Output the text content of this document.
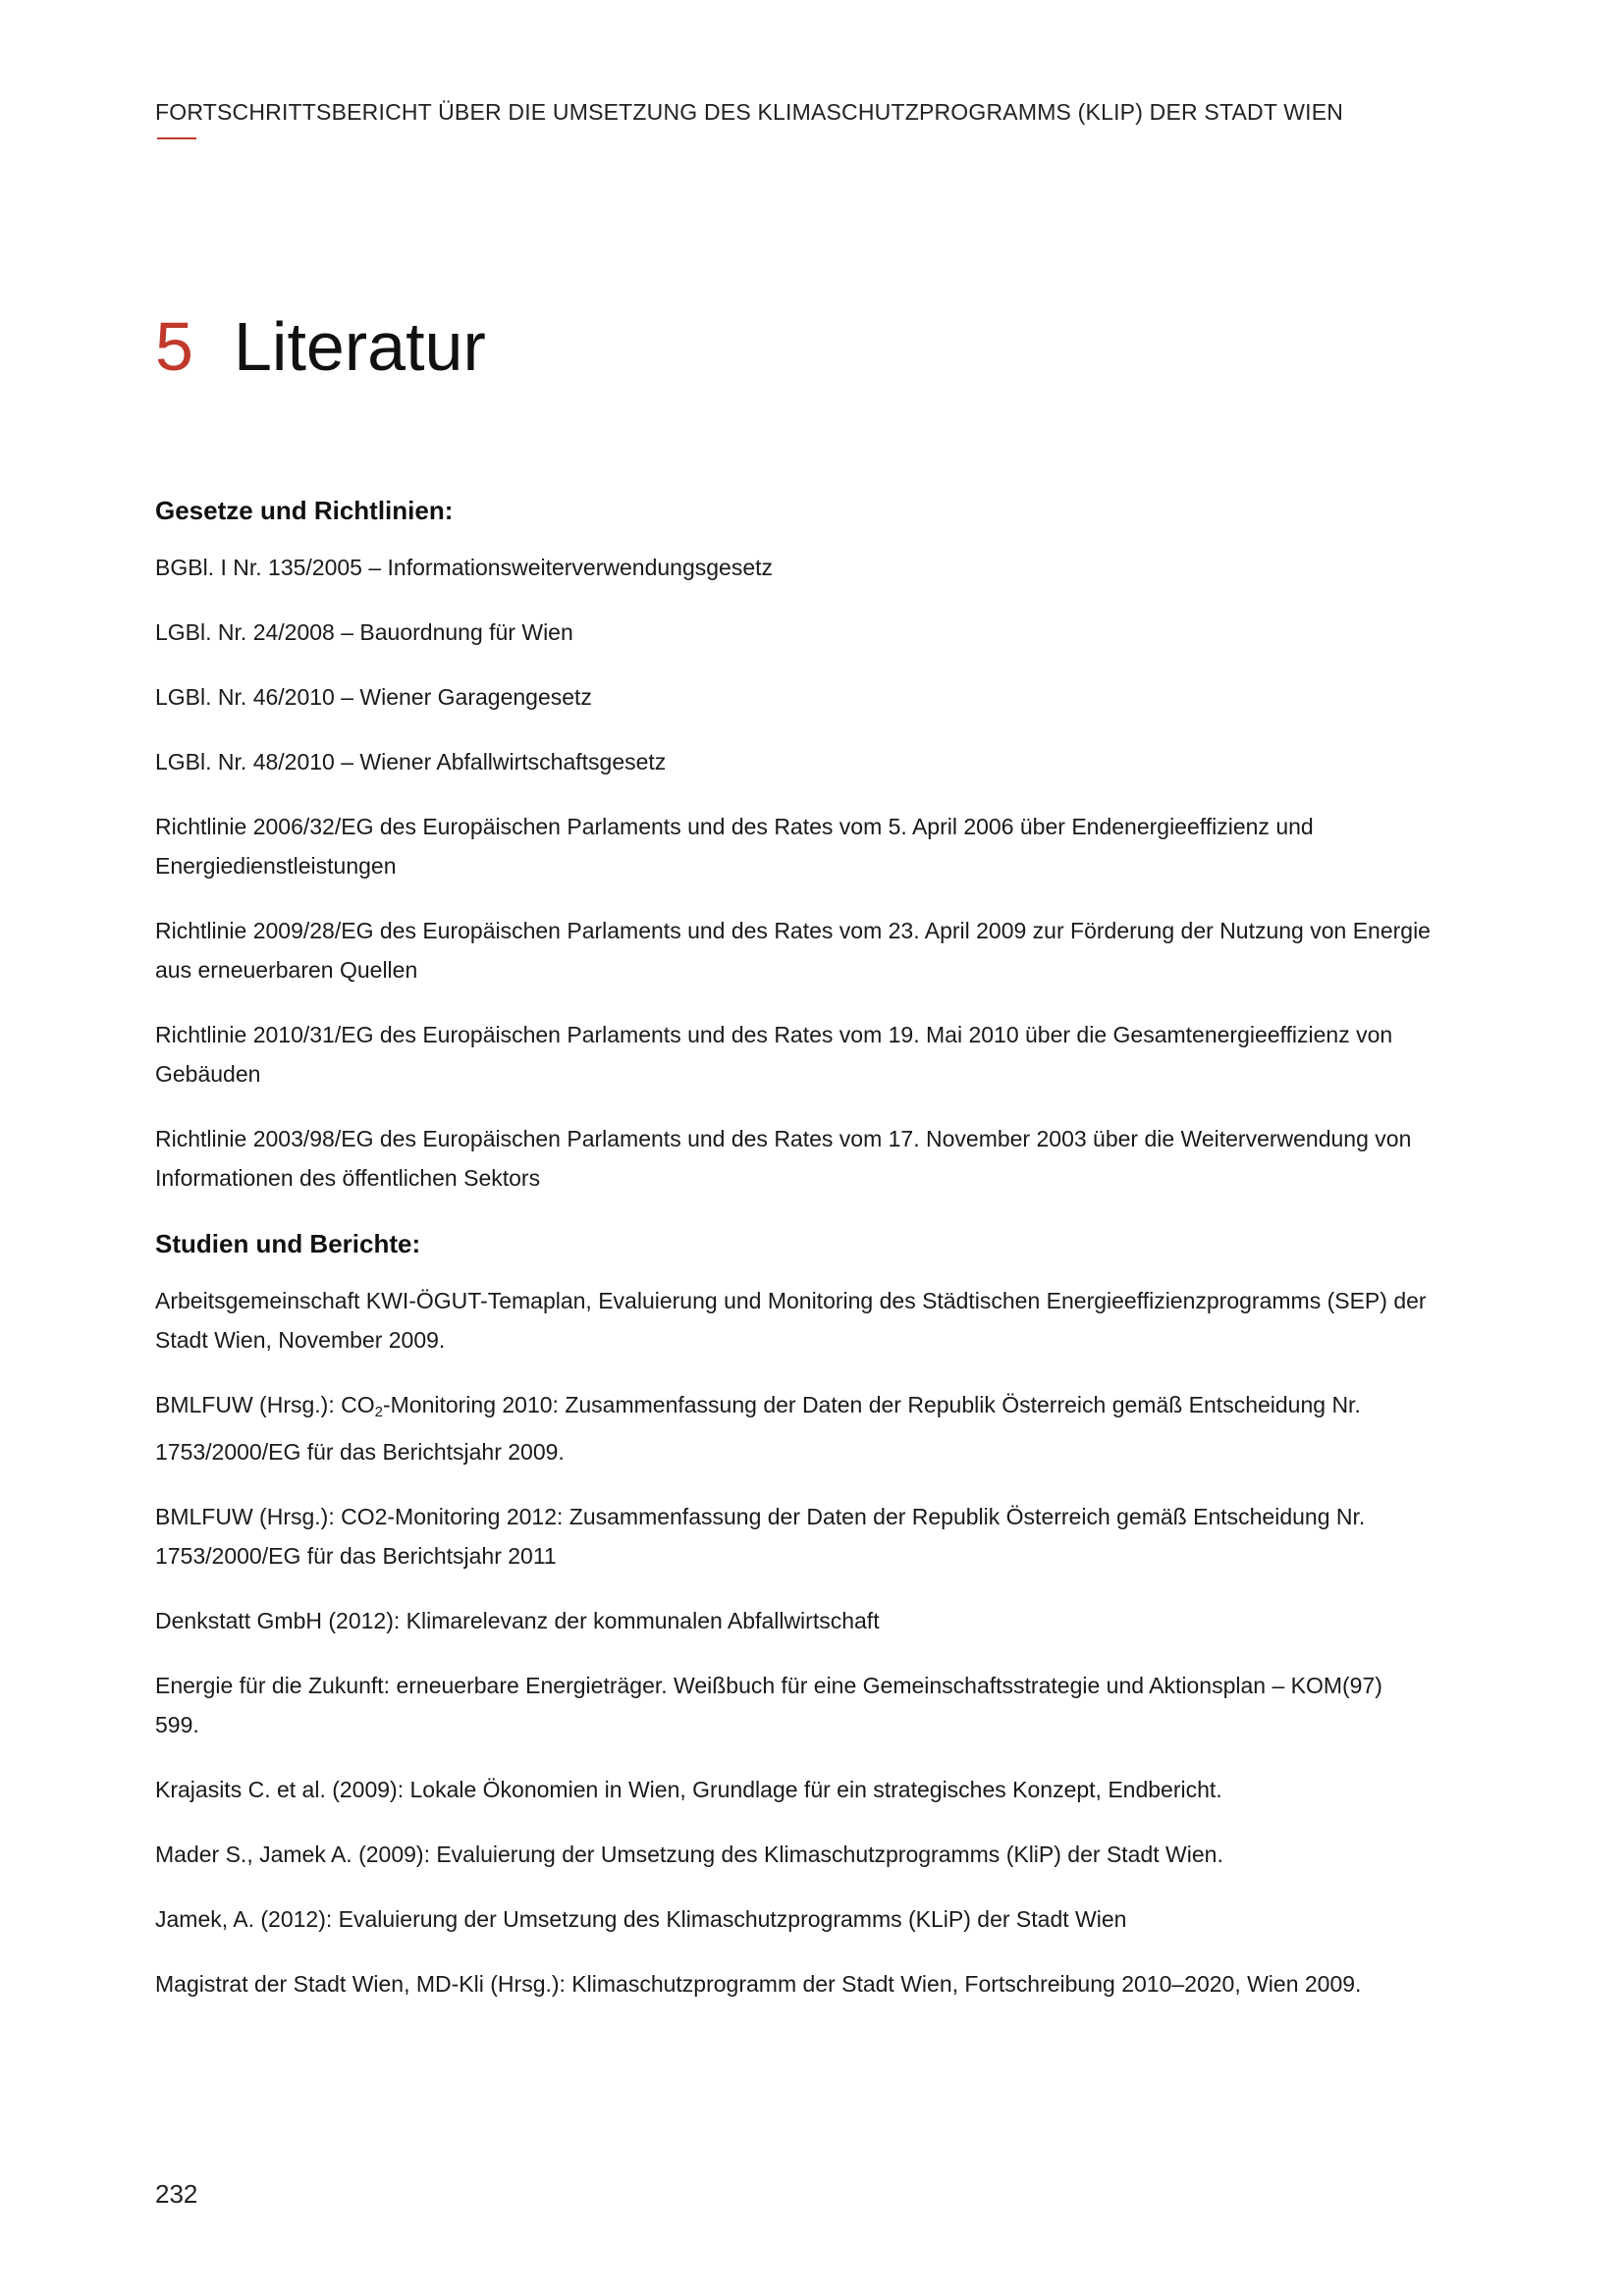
FORTSCHRITTSBERICHT ÜBER DIE UMSETZUNG DES KLIMASCHUTZPROGRAMMS (KLIP) DER STADT WIEN
5 Literatur
Gesetze und Richtlinien:

BGBl. I Nr. 135/2005 – Informationsweiterverwendungsgesetz

LGBl. Nr. 24/2008 – Bauordnung für Wien

LGBl. Nr. 46/2010 – Wiener Garagengesetz

LGBl. Nr. 48/2010 – Wiener Abfallwirtschaftsgesetz

Richtlinie 2006/32/EG des Europäischen Parlaments und des Rates vom 5. April 2006 über Endenergieeffizienz und Energiedienstleistungen

Richtlinie 2009/28/EG des Europäischen Parlaments und des Rates vom 23. April 2009 zur Förderung der Nutzung von Energie aus erneuerbaren Quellen

Richtlinie 2010/31/EG des Europäischen Parlaments und des Rates vom 19. Mai 2010 über die Gesamtenergieeffizienz von Gebäuden

Richtlinie 2003/98/EG des Europäischen Parlaments und des Rates vom 17. November 2003 über die Weiterverwendung von Informationen des öffentlichen Sektors

Studien und Berichte:

Arbeitsgemeinschaft KWI-ÖGUT-Temaplan, Evaluierung und Monitoring des Städtischen Energieeffizienzprogramms (SEP) der Stadt Wien, November 2009.

BMLFUW (Hrsg.): $CO_2$-Monitoring 2010: Zusammenfassung der Daten der Republik Österreich gemäß Entscheidung Nr. 1753/2000/EG für das Berichtsjahr 2009.

BMLFUW (Hrsg.): CO2-Monitoring 2012: Zusammenfassung der Daten der Republik Österreich gemäß Entscheidung Nr. 1753/2000/EG für das Berichtsjahr 2011

Denkstatt GmbH (2012): Klimarelevanz der kommunalen Abfallwirtschaft

Energie für die Zukunft: erneuerbare Energieträger. Weißbuch für eine Gemeinschaftsstrategie und Aktionsplan – KOM(97) 599.

Krajasits C. et al. (2009): Lokale Ökonomien in Wien, Grundlage für ein strategisches Konzept, Endbericht.

Mader S., Jamek A. (2009): Evaluierung der Umsetzung des Klimaschutzprogramms (KliP) der Stadt Wien.

Jamek, A. (2012): Evaluierung der Umsetzung des Klimaschutzprogramms (KLiP) der Stadt Wien

Magistrat der Stadt Wien, MD-Kli (Hrsg.): Klimaschutzprogramm der Stadt Wien, Fortschreibung 2010–2020, Wien 2009.

232
